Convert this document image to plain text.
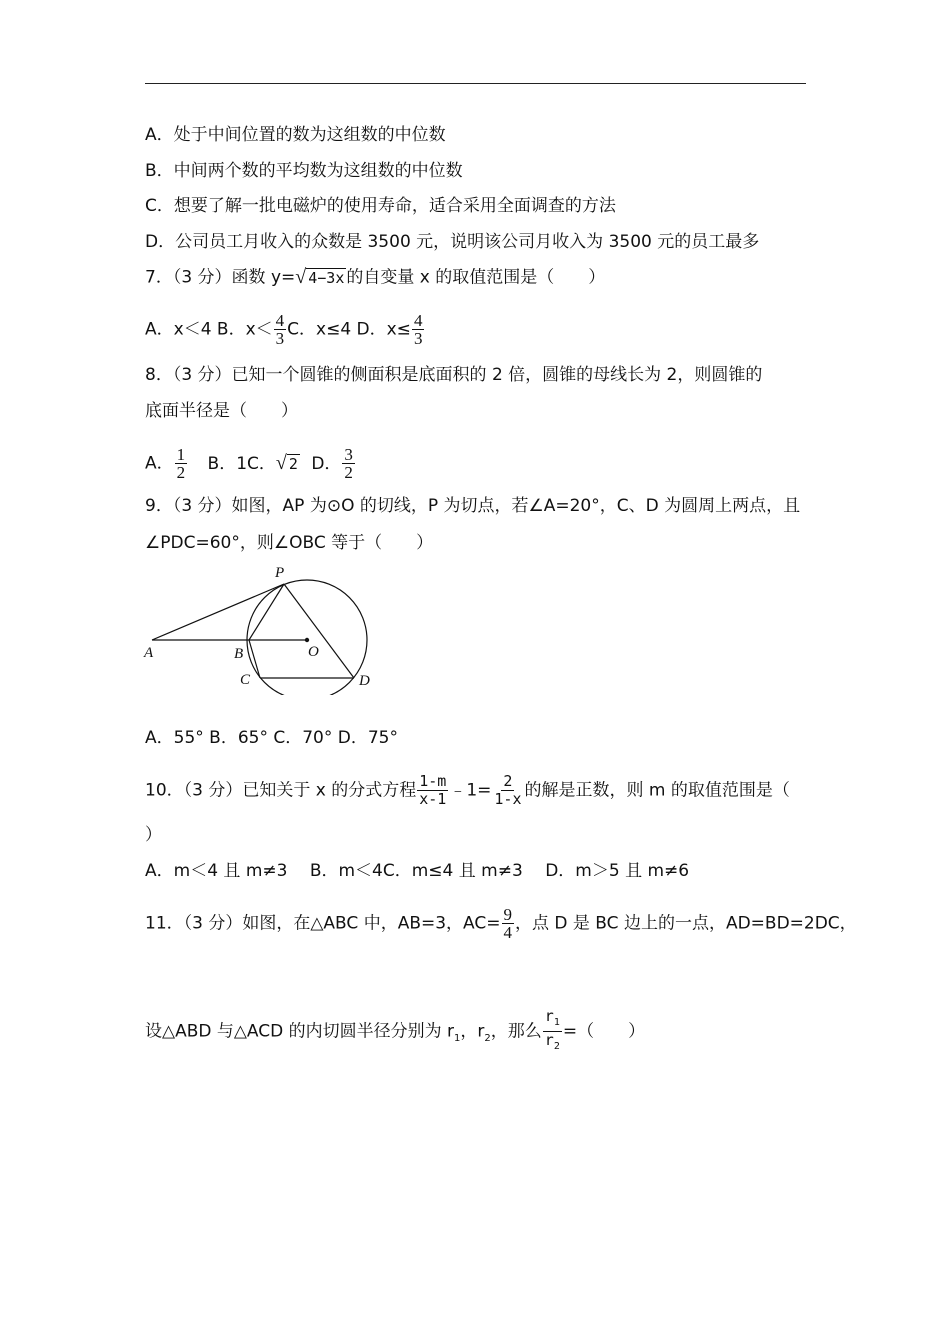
A．处于中间位置的数为这组数的中位数
B．中间两个数的平均数为这组数的中位数
C．想要了解一批电磁炉的使用寿命，适合采用全面调查的方法
D．公司员工月收入的众数是 3500 元，说明该公司月收入为 3500 元的员工最多
7．（3 分）函数 y=√ 4−3x 的自变量 x 的取值范围是（　　）
A．x＜4 B．$x< \frac{4}{3}$ C．x≤4 D．$x\le \frac{4}{3}$
8．（3 分）已知一个圆锥的侧面积是底面积的 2 倍，圆锥的母线长为 2，则圆锥的
底面半径是（　　）
A． $\frac{1}{2}$ B．1C．√ 2 D． $\frac{3}{2}$
9．（3 分）如图，AP 为⊙O 的切线，P 为切点，若∠A=20°，C、D 为圆周上两点，且
∠PDC=60°，则∠OBC 等于（　　）
P
A	B	O
C	D
A．55° B．65° C．70° D．75°
10．（3 分）已知关于 x 的分式方程 $\frac{1-m}{x-1}$ ﹣1= $\frac{2}{1-x}$ 的解是正数，则 m 的取值范围是（
）
A．m＜4 且 m≠3　 B．m＜4C．m≤4 且 m≠3　 D．m＞5 且 m≠6
11．（3 分）如图，在△ABC 中，AB=3，$AC= \frac{9}{4}$ ，点 D 是 BC 边上的一点，AD=BD=2DC，
设△ABD 与△ACD 的内切圆半径分别为 $r_1$，$r_2$，那么 $\frac{r_1}{r_2}$ =（　　）
